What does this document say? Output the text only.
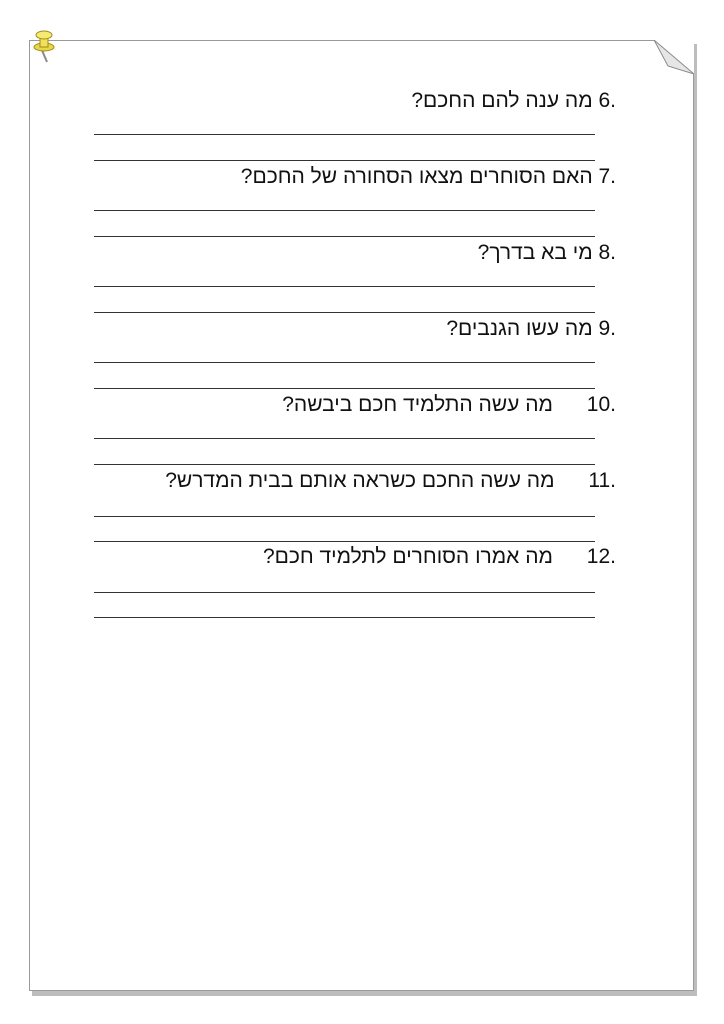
6. מה ענה להם החכם?
7. האם הסוחרים מצאו הסחורה של החכם?
8. מי בא בדרך?
9. מה עשו הגנבים?
10. מה עשה התלמיד חכם ביבשה?
11. מה עשה החכם כשראה אותם בבית המדרש?
12. מה אמרו הסוחרים לתלמיד חכם?
